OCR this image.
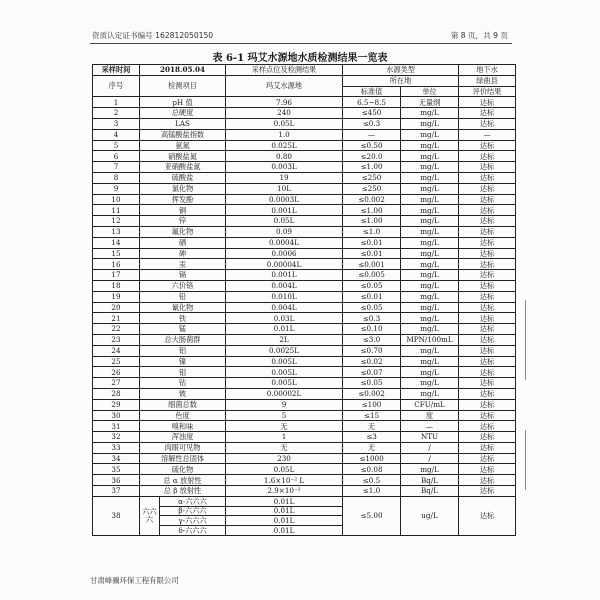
资质认定证书编号 162812050150	第 8 页，共 9 页
表 6-1 玛艾水源地水质检测结果一览表
采样时间	2018.05.04		采样点位及检测结果	水源类型		地下水
序号	检测项目		玛艾水源地	所在地		绿曲县
				标准值	单位	评价结果
1	pH 值		7.96	6.5~8.5	无量纲	达标
2	总硬度		240	≤450	mg/L	达标
3	LAS		0.05L	≤0.3	mg/L	达标
4	高锰酸盐指数		1.0	—	mg/L	—
5	氨氮		0.025L	≤0.50	mg/L	达标
6	硝酸盐氮		0.80	≤20.0	mg/L	达标
7	亚硝酸盐氮		0.003L	≤1.00	mg/L	达标
8	硫酸盐		19	≤250	mg/L	达标
9	氯化物		10L	≤250	mg/L	达标
10	挥发酚		0.0003L	≤0.002	mg/L	达标
11	铜		0.001L	≤1.00	mg/L	达标
12	锌		0.05L	≤1.00	mg/L	达标
13	氟化物		0.09	≤1.0	mg/L	达标
14	硒		0.0004L	≤0.01	mg/L	达标
15	砷		0.0006	≤0.01	mg/L	达标
16	汞		0.00004L	≤0.001	mg/L	达标
17	镉		0.001L	≤0.005	mg/L	达标
18	六价铬		0.004L	≤0.05	mg/L	达标
19	铅		0.010L	≤0.01	mg/L	达标
20	氰化物		0.004L	≤0.05	mg/L	达标
21	铁		0.03L	≤0.3	mg/L	达标
22	锰		0.01L	≤0.10	mg/L	达标
23	总大肠菌群		2L	≤3.0	MPN/100mL	达标
24	铝		0.0025L	≤0.70	mg/L	达标
25	镍		0.005L	≤0.02	mg/L	达标
26	钼		0.005L	≤0.07	mg/L	达标
27	钴		0.005L	≤0.05	mg/L	达标
28	铍		0.00002L	≤0.002	mg/L	达标
29	细菌总数		9	≤100	CFU/mL	达标
30	色度		5	≤15	度	达标
31	嗅和味		无	无	—	达标
32	浑浊度		1	≤3	NTU	达标
33	肉眼可见物		无	无	/	达标
34	溶解性总固体		230	≤1000	/	达标
35	硫化物		0.05L	≤0.08	mg/L	达标
36	总 α 放射性		1.6×10⁻² L	≤0.5	Bq/L	达标
37	总 β 放射性		2.9×10⁻²	≤1.0	Bq/L	达标
38	六六六	α-六六六	0.01L	≤5.00	ug/L	达标
		β-六六六	0.01L			
		γ-六六六	0.01L			
		δ-六六六	0.01L			
甘肃峰骥环保工程有限公司
